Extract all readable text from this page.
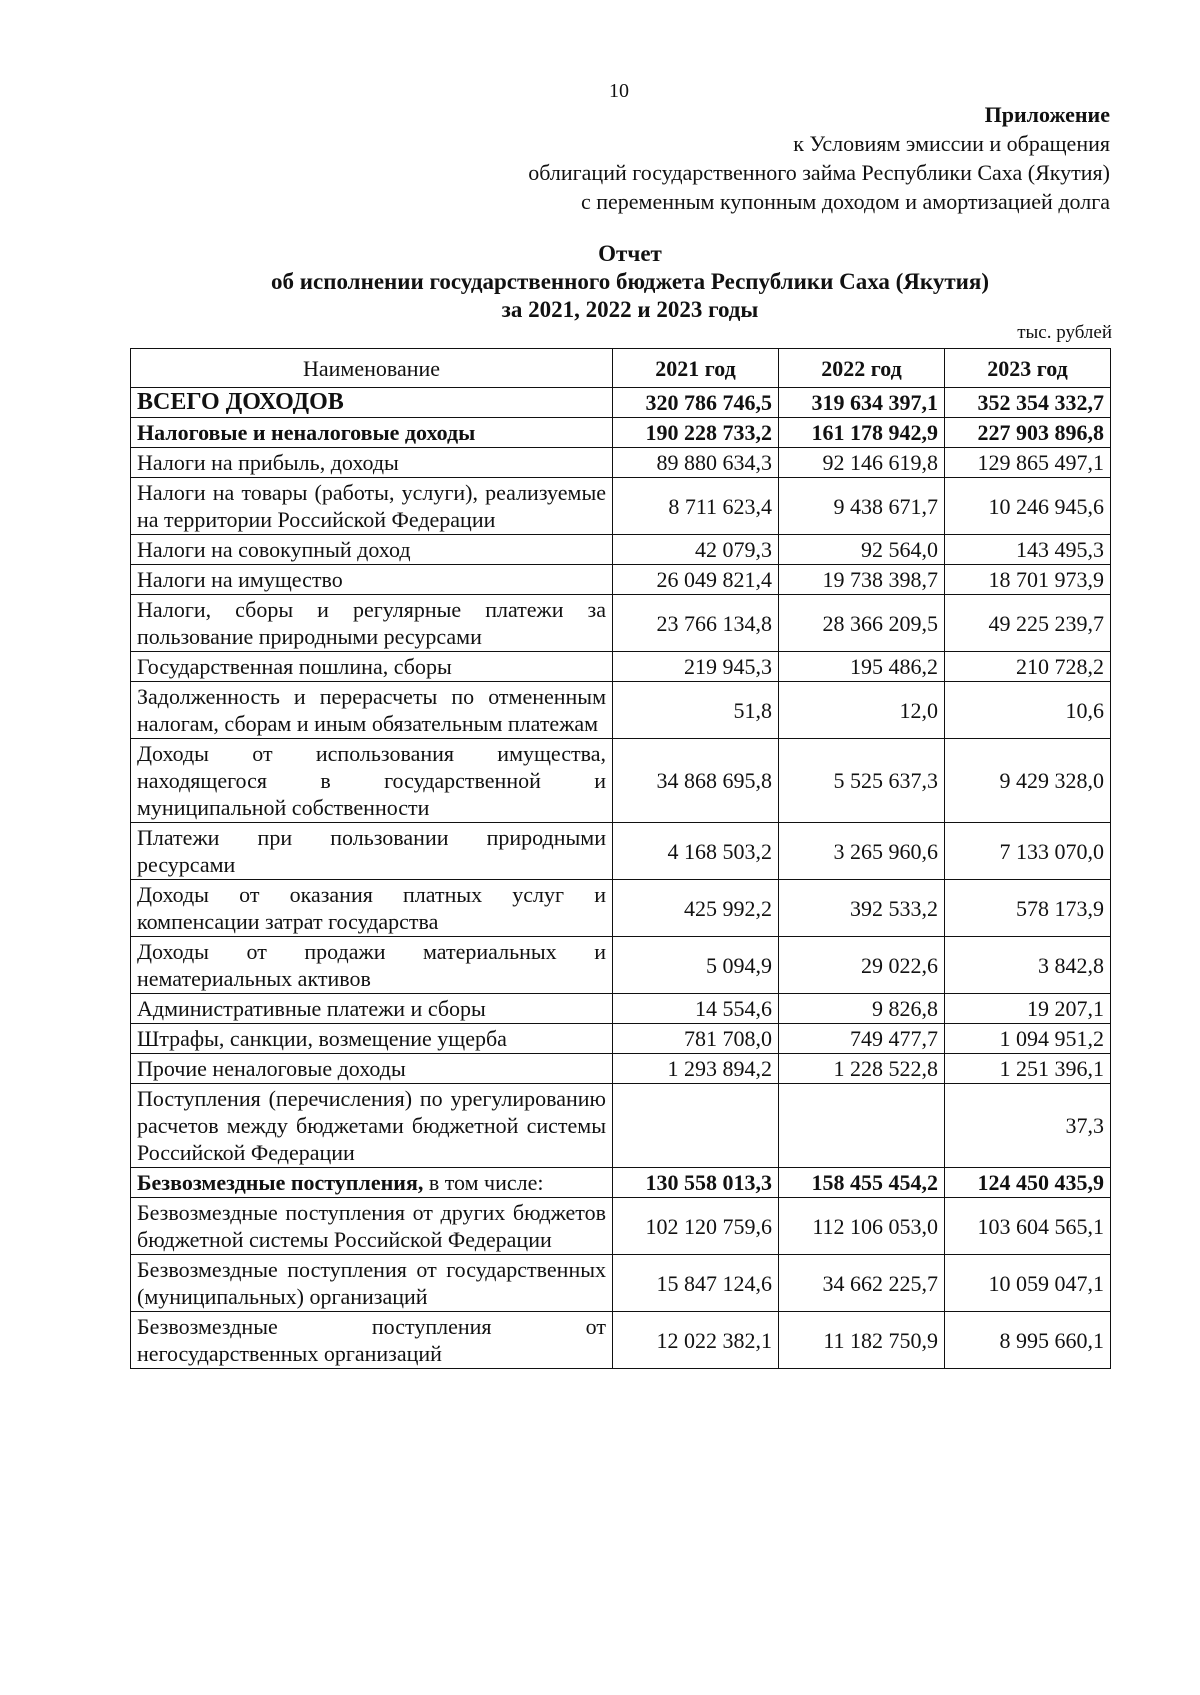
10
Приложение
к Условиям эмиссии и обращения
облигаций государственного займа Республики Саха (Якутия)
с переменным купонным доходом и амортизацией долга
Отчет
об исполнении государственного бюджета Республики Саха (Якутия)
за 2021, 2022 и 2023 годы
тыс. рублей
Наименование	2021 год	2022 год	2023 год
ВСЕГО ДОХОДОВ	320 786 746,5	319 634 397,1	352 354 332,7
Налоговые и неналоговые доходы	190 228 733,2	161 178 942,9	227 903 896,8
Налоги на прибыль, доходы	89 880 634,3	92 146 619,8	129 865 497,1
Налоги на товары (работы, услуги), реализуемые на территории Российской Федерации	8 711 623,4	9 438 671,7	10 246 945,6
Налоги на совокупный доход	42 079,3	92 564,0	143 495,3
Налоги на имущество	26 049 821,4	19 738 398,7	18 701 973,9
Налоги, сборы и регулярные платежи за пользование природными ресурсами	23 766 134,8	28 366 209,5	49 225 239,7
Государственная пошлина, сборы	219 945,3	195 486,2	210 728,2
Задолженность и перерасчеты по отмененным налогам, сборам и иным обязательным платежам	51,8	12,0	10,6
Доходы от использования имущества, находящегося в государственной и муниципальной собственности	34 868 695,8	5 525 637,3	9 429 328,0
Платежи при пользовании природными ресурсами	4 168 503,2	3 265 960,6	7 133 070,0
Доходы от оказания платных услуг и компенсации затрат государства	425 992,2	392 533,2	578 173,9
Доходы от продажи материальных и нематериальных активов	5 094,9	29 022,6	3 842,8
Административные платежи и сборы	14 554,6	9 826,8	19 207,1
Штрафы, санкции, возмещение ущерба	781 708,0	749 477,7	1 094 951,2
Прочие неналоговые доходы	1 293 894,2	1 228 522,8	1 251 396,1
Поступления (перечисления) по урегулированию расчетов между бюджетами бюджетной системы Российской Федерации			37,3
Безвозмездные поступления, в том числе:	130 558 013,3	158 455 454,2	124 450 435,9
Безвозмездные поступления от других бюджетов бюджетной системы Российской Федерации	102 120 759,6	112 106 053,0	103 604 565,1
Безвозмездные поступления от государственных (муниципальных) организаций	15 847 124,6	34 662 225,7	10 059 047,1
Безвозмездные поступления от негосударственных организаций	12 022 382,1	11 182 750,9	8 995 660,1
